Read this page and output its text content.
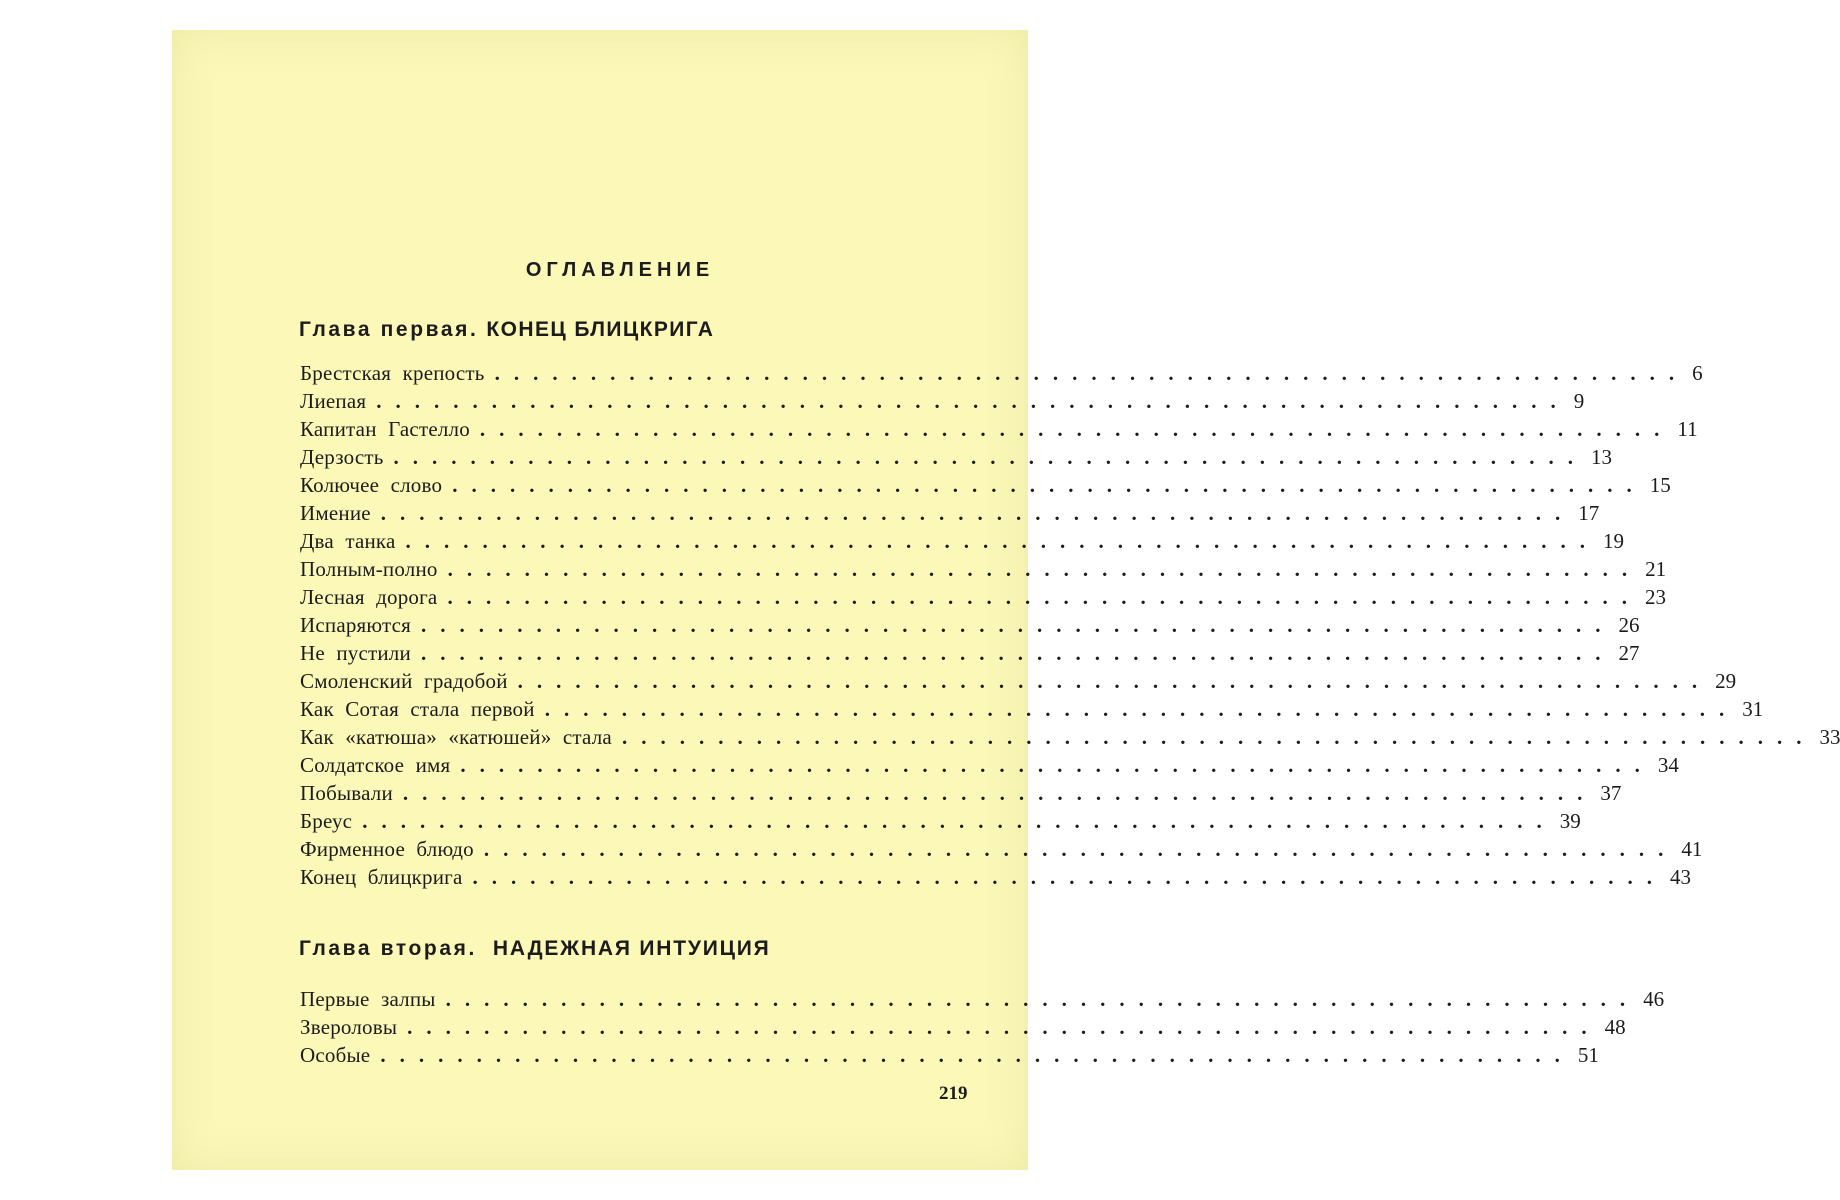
ОГЛАВЛЕНИЕ
Глава первая. КОНЕЦ БЛИЦКРИГА
Брестская крепость .............................................................. 6
Лиепая .............................................................. 9
Капитан Гастелло .............................................................. 11
Дерзость .............................................................. 13
Колючее слово .............................................................. 15
Имение .............................................................. 17
Два танка .............................................................. 19
Полным-полно .............................................................. 21
Лесная дорога .............................................................. 23
Испаряются .............................................................. 26
Не пустили .............................................................. 27
Смоленский градобой .............................................................. 29
Как Сотая стала первой .............................................................. 31
Как «катюша» «катюшей» стала .............................................................. 33
Солдатское имя .............................................................. 34
Побывали .............................................................. 37
Бреус .............................................................. 39
Фирменное блюдо .............................................................. 41
Конец блицкрига .............................................................. 43
Глава вторая. НАДЕЖНАЯ ИНТУИЦИЯ
Первые залпы .............................................................. 46
Звероловы .............................................................. 48
Особые .............................................................. 51
219
